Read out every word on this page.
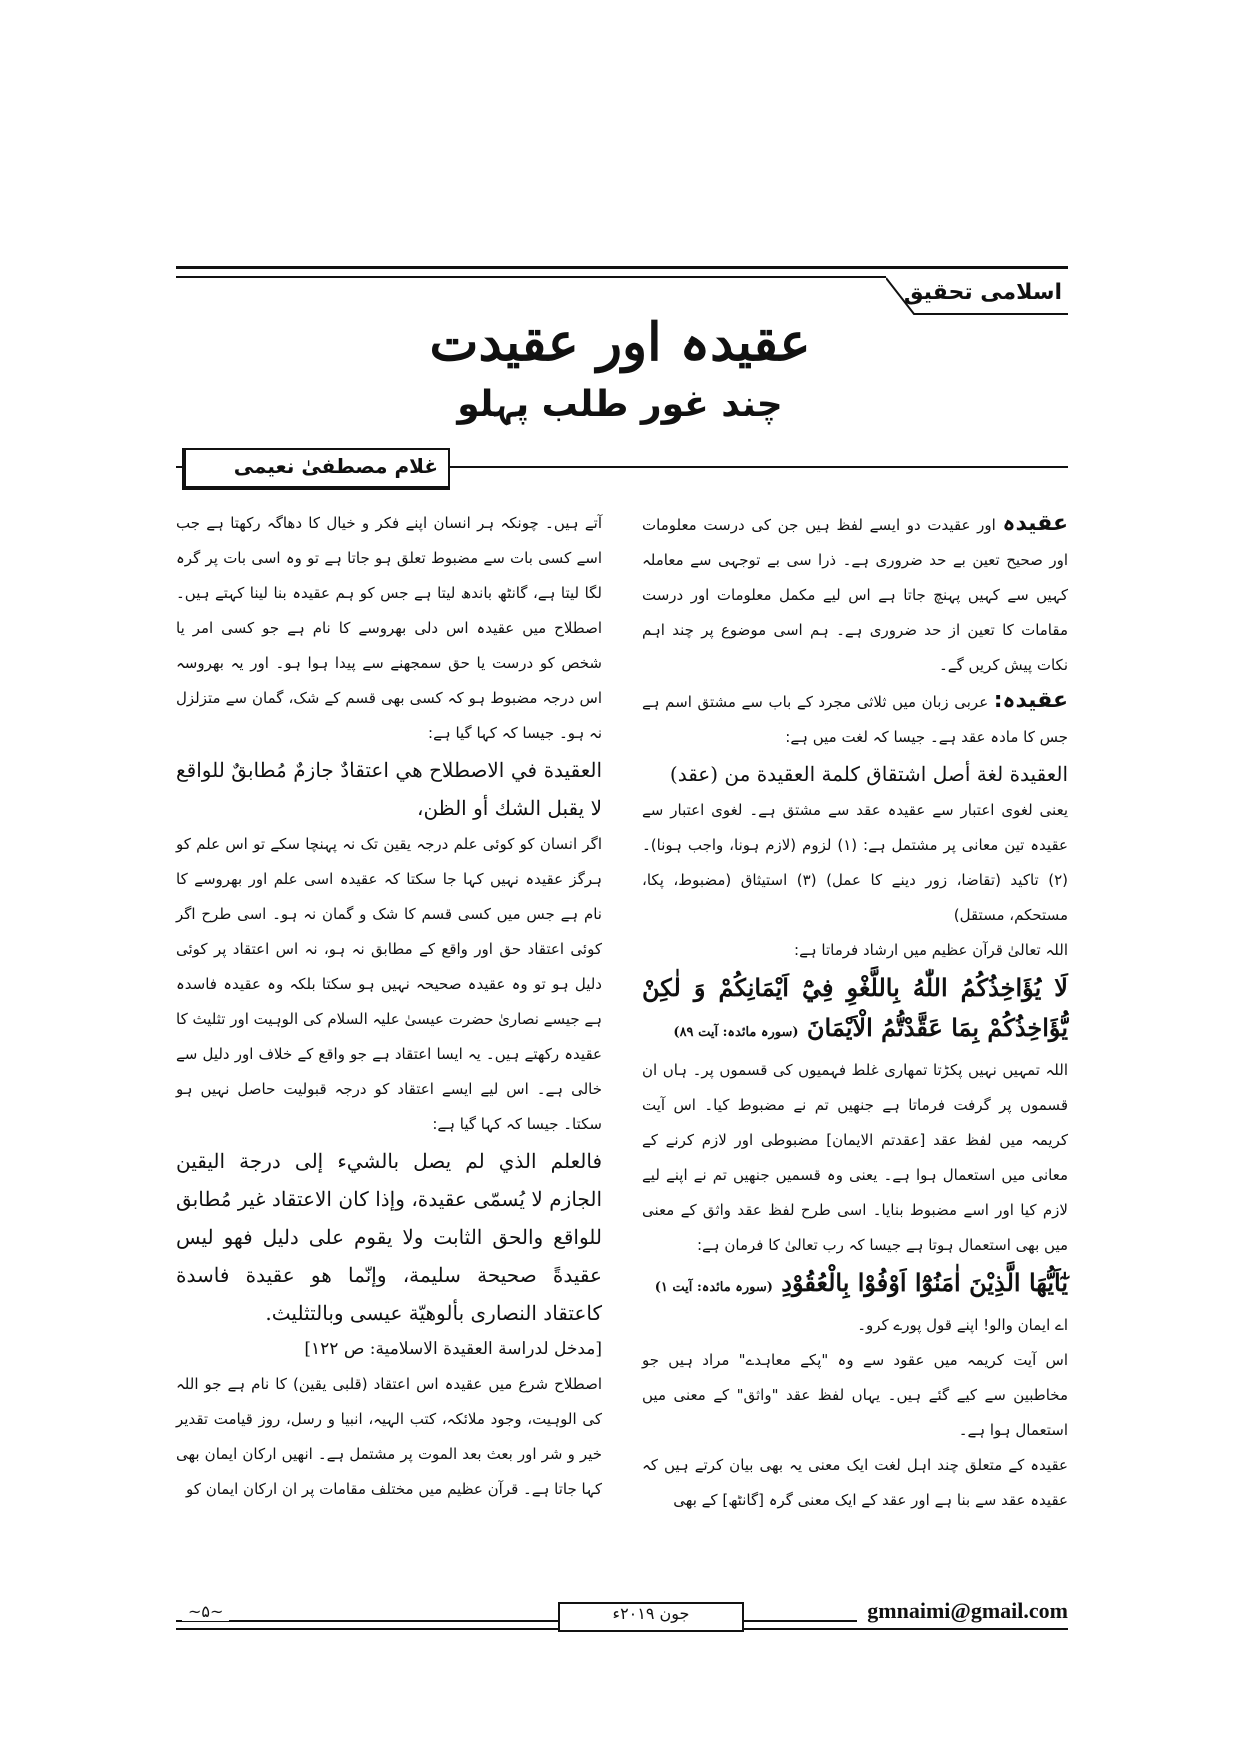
اسلامی تحقیق
عقیدہ اور عقیدت
چند غور طلب پہلو
غلام مصطفیٰ نعیمی

عقیدہ اور عقیدت دو ایسے لفظ ہیں جن کی درست معلومات اور صحیح تعین بے حد ضروری ہے۔ ذرا سی بے توجہی سے معاملہ کہیں سے کہیں پہنچ جاتا ہے اس لیے مکمل معلومات اور درست مقامات کا تعین از حد ضروری ہے۔ ہم اسی موضوع پر چند اہم نکات پیش کریں گے۔

عقیدہ: عربی زبان میں ثلاثی مجرد کے باب سے مشتق اسم ہے جس کا مادہ عقد ہے۔ جیسا کہ لغت میں ہے:

العقيدة لغة أصل اشتقاق كلمة العقيدة من (عقد)

یعنی لغوی اعتبار سے عقیدہ عقد سے مشتق ہے۔ لغوی اعتبار سے عقیدہ تین معانی پر مشتمل ہے: (۱) لزوم (لازم ہونا، واجب ہونا)۔ (۲) تاکید (تقاضا، زور دینے کا عمل) (۳) استیثاق (مضبوط، پکا، مستحکم، مستقل)

اللہ تعالیٰ قرآن عظیم میں ارشاد فرماتا ہے:

لَا يُؤَاخِذُكُمُ اللّٰهُ بِاللَّغْوِ فِيْٓ اَيْمَانِكُمْ وَ لٰكِنْ يُّؤَاخِذُكُمْ بِمَا عَقَّدْتُّمُ الْاَيْمَانَ (سورہ مائدہ: آیت ۸۹)

اللہ تمہیں نہیں پکڑتا تمھاری غلط فہمیوں کی قسموں پر۔ ہاں ان قسموں پر گرفت فرماتا ہے جنھیں تم نے مضبوط کیا۔ اس آیت کریمہ میں لفظ عقد [عقدتم الایمان] مضبوطی اور لازم کرنے کے معانی میں استعمال ہوا ہے۔ یعنی وہ قسمیں جنھیں تم نے اپنے لیے لازم کیا اور اسے مضبوط بنایا۔ اسی طرح لفظ عقد واثق کے معنی میں بھی استعمال ہوتا ہے جیسا کہ رب تعالیٰ کا فرمان ہے:

يٰٓاَيُّهَا الَّذِيْنَ اٰمَنُوْٓا اَوْفُوْا بِالْعُقُوْدِ (سورہ مائدہ: آیت ۱)

اے ایمان والو! اپنے قول پورے کرو۔

اس آیت کریمہ میں عقود سے وہ "پکے معاہدے" مراد ہیں جو مخاطبین سے کیے گئے ہیں۔ یہاں لفظ عقد "واثق" کے معنی میں استعمال ہوا ہے۔

عقیدہ کے متعلق چند اہل لغت ایک معنی یہ بھی بیان کرتے ہیں کہ عقیدہ عقد سے بنا ہے اور عقد کے ایک معنی گرہ [گانٹھ] کے بھی

آتے ہیں۔ چونکہ ہر انسان اپنے فکر و خیال کا دھاگہ رکھتا ہے جب اسے کسی بات سے مضبوط تعلق ہو جاتا ہے تو وہ اسی بات پر گرہ لگا لیتا ہے، گانٹھ باندھ لیتا ہے جس کو ہم عقیدہ بنا لینا کہتے ہیں۔ اصطلاح میں عقیدہ اس دلی بھروسے کا نام ہے جو کسی امر یا شخص کو درست یا حق سمجھنے سے پیدا ہوا ہو۔ اور یہ بھروسہ اس درجہ مضبوط ہو کہ کسی بھی قسم کے شک، گمان سے متزلزل نہ ہو۔ جیسا کہ کہا گیا ہے:

العقيدة في الاصطلاح هي اعتقادٌ جازمٌ مُطابقٌ للواقع لا يقبل الشك أو الظن،

اگر انسان کو کوئی علم درجہ یقین تک نہ پہنچا سکے تو اس علم کو ہرگز عقیدہ نہیں کہا جا سکتا کہ عقیدہ اسی علم اور بھروسے کا نام ہے جس میں کسی قسم کا شک و گمان نہ ہو۔ اسی طرح اگر کوئی اعتقاد حق اور واقع کے مطابق نہ ہو، نہ اس اعتقاد پر کوئی دلیل ہو تو وہ عقیدہ صحیحہ نہیں ہو سکتا بلکہ وہ عقیدہ فاسدہ ہے جیسے نصاریٰ حضرت عیسیٰ علیہ السلام کی الوہیت اور تثلیث کا عقیدہ رکھتے ہیں۔ یہ ایسا اعتقاد ہے جو واقع کے خلاف اور دلیل سے خالی ہے۔ اس لیے ایسے اعتقاد کو درجہ قبولیت حاصل نہیں ہو سکتا۔ جیسا کہ کہا گیا ہے:

فالعلم الذي لم يصل بالشيء إلى درجة اليقين الجازم لا يُسمّى عقيدة، وإذا كان الاعتقاد غير مُطابق للواقع والحق الثابت ولا يقوم على دليل فهو ليس عقيدةً صحيحة سليمة، وإنّما هو عقيدة فاسدة كاعتقاد النصارى بألوهيّة عيسى وبالتثليث.

[مدخل لدراسة العقيدة الاسلامية: ص ۱۲۲]

اصطلاح شرع میں عقیدہ اس اعتقاد (قلبی یقین) کا نام ہے جو اللہ کی الوہیت، وجود ملائکہ، کتب الہیہ، انبیا و رسل، روز قیامت تقدیر خیر و شر اور بعث بعد الموت پر مشتمل ہے۔ انھیں ارکان ایمان بھی کہا جاتا ہے۔ قرآن عظیم میں مختلف مقامات پر ان ارکان ایمان کو

gmnaimi@gmail.com
جون ۲۰۱۹ء
~۵~
